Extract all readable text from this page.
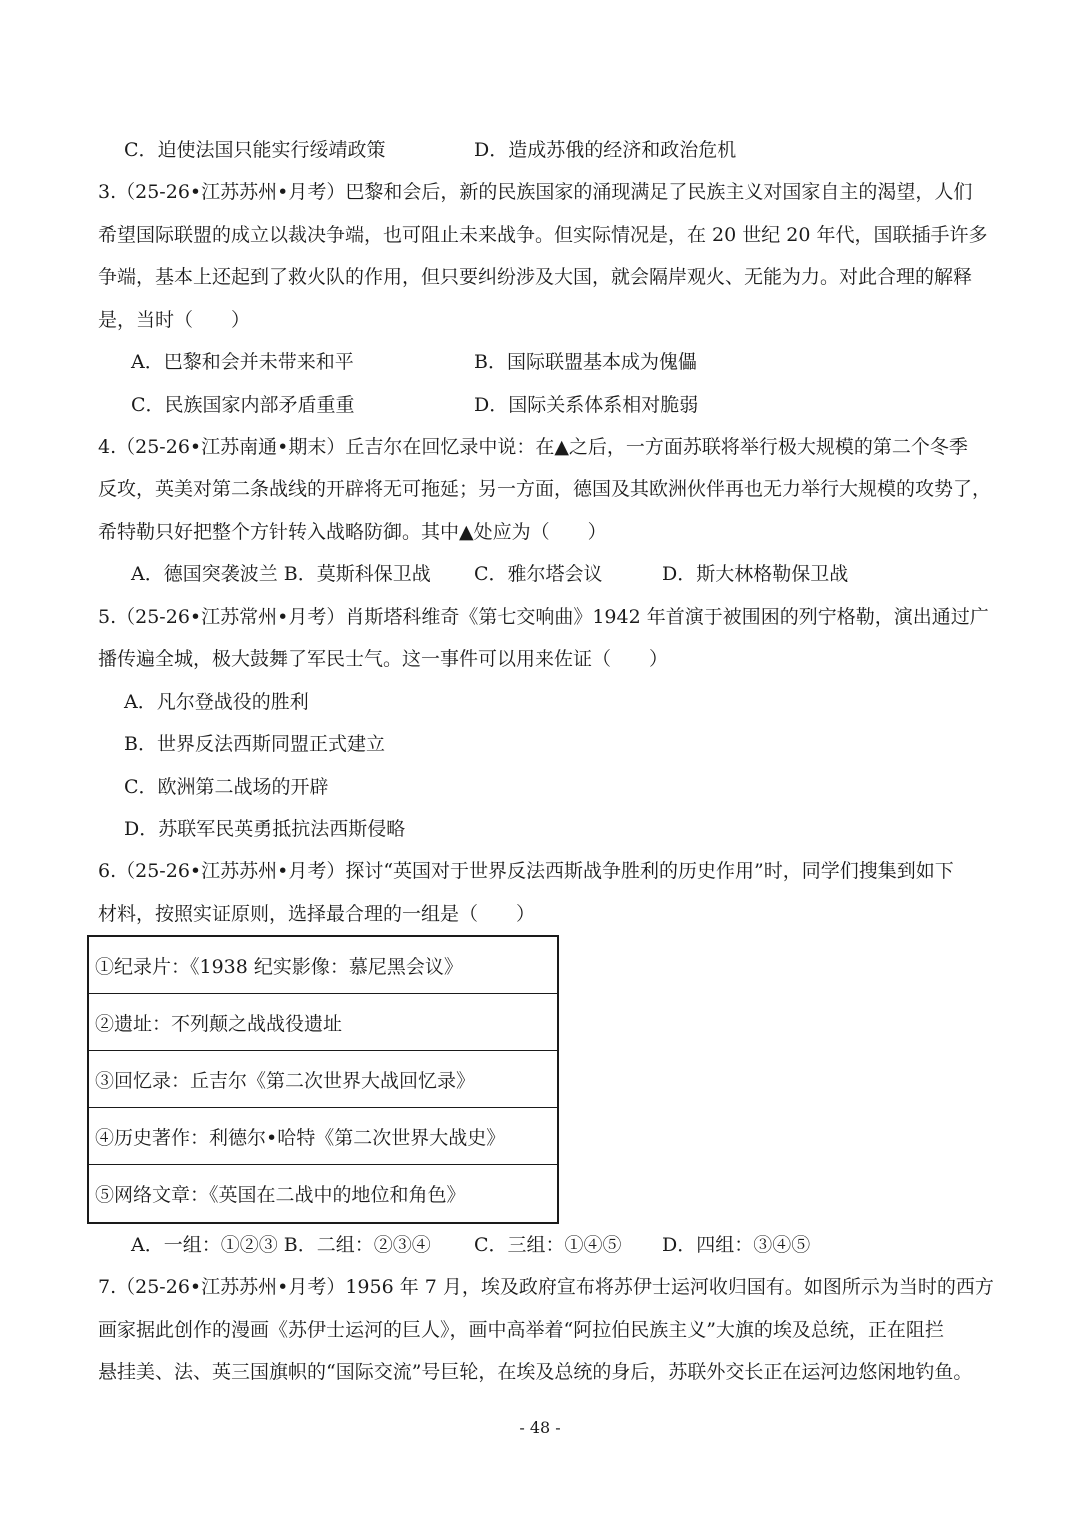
C．迫使法国只能实行绥靖政策	D．造成苏俄的经济和政治危机
3.（25-26•江苏苏州•月考）巴黎和会后，新的民族国家的涌现满足了民族主义对国家自主的渴望，人们
希望国际联盟的成立以裁决争端，也可阻止未来战争。但实际情况是，在 20 世纪 20 年代，国联插手许多
争端，基本上还起到了救火队的作用，但只要纠纷涉及大国，就会隔岸观火、无能为力。对此合理的解释
是，当时（　　）
A．巴黎和会并未带来和平	B．国际联盟基本成为傀儡
C．民族国家内部矛盾重重	D．国际关系体系相对脆弱
4.（25-26•江苏南通•期末）丘吉尔在回忆录中说：在▲之后，一方面苏联将举行极大规模的第二个冬季
反攻，英美对第二条战线的开辟将无可拖延；另一方面，德国及其欧洲伙伴再也无力举行大规模的攻势了，
希特勒只好把整个方针转入战略防御。其中▲处应为（　　）
A．德国突袭波兰 B．莫斯科保卫战 C．雅尔塔会议	D．斯大林格勒保卫战
5.（25-26•江苏常州•月考）肖斯塔科维奇《第七交响曲》1942 年首演于被围困的列宁格勒，演出通过广
播传遍全城，极大鼓舞了军民士气。这一事件可以用来佐证（　　）
A．凡尔登战役的胜利
B．世界反法西斯同盟正式建立
C．欧洲第二战场的开辟
D．苏联军民英勇抵抗法西斯侵略
6.（25-26•江苏苏州•月考）探讨“英国对于世界反法西斯战争胜利的历史作用”时，同学们搜集到如下
材料，按照实证原则，选择最合理的一组是（　　）
①纪录片：《1938 纪实影像：慕尼黑会议》
②遗址：不列颠之战战役遗址
③回忆录：丘吉尔《第二次世界大战回忆录》
④历史著作：利德尔•哈特《第二次世界大战史》
⑤网络文章：《英国在二战中的地位和角色》
A．一组：①②③ B．二组：②③④ C．三组：①④⑤ D．四组：③④⑤
7.（25-26•江苏苏州•月考）1956 年 7 月，埃及政府宣布将苏伊士运河收归国有。如图所示为当时的西方
画家据此创作的漫画《苏伊士运河的巨人》，画中高举着“阿拉伯民族主义”大旗的埃及总统，正在阻拦
悬挂美、法、英三国旗帜的“国际交流”号巨轮，在埃及总统的身后，苏联外交长正在运河边悠闲地钓鱼。
- 48 -
